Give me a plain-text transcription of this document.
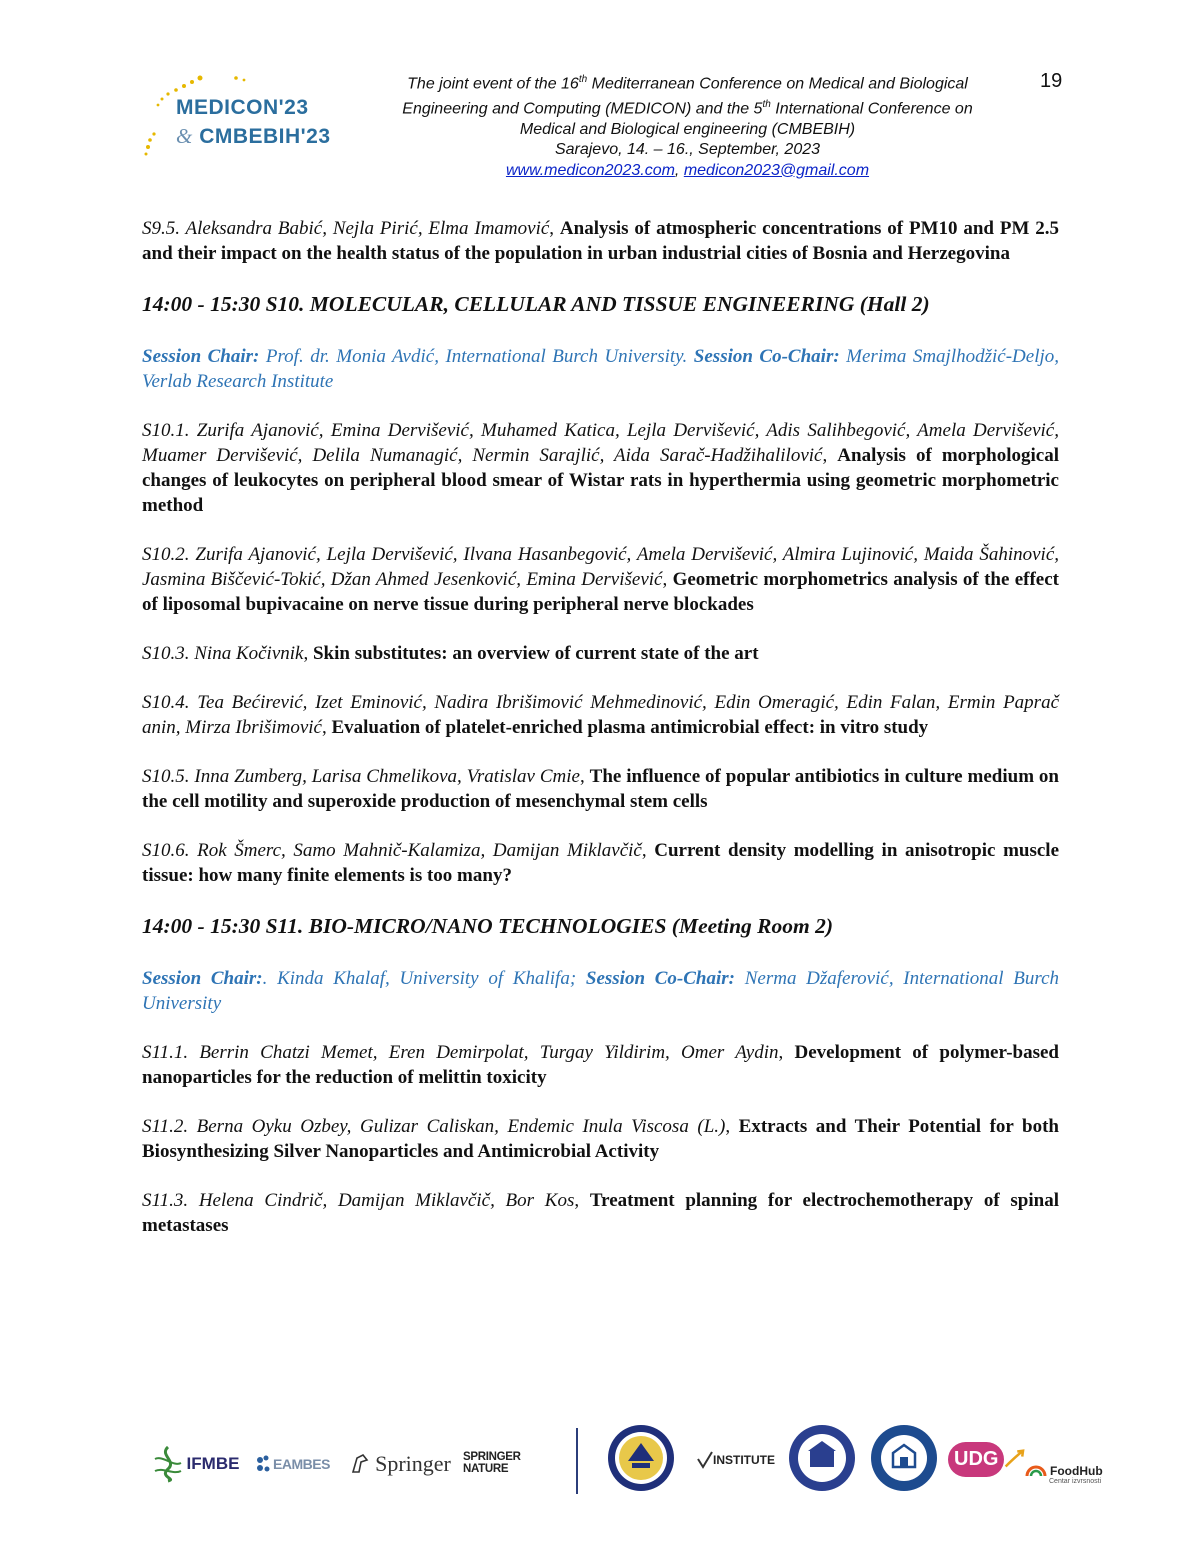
MEDICON'23
& CMBEBIH'23
The joint event of the 16th Mediterranean Conference on Medical and Biological
Engineering and Computing (MEDICON) and the 5th International Conference on
Medical and Biological engineering (CMBEBIH)
Sarajevo, 14. – 16., September, 2023
www.medicon2023.com, medicon2023@gmail.com
19

S9.5. Aleksandra Babić, Nejla Pirić, Elma Imamović, Analysis of atmospheric concentrations of PM10 and PM 2.5 and their impact on the health status of the population in urban industrial cities of Bosnia and Herzegovina

14:00 - 15:30 S10. MOLECULAR, CELLULAR AND TISSUE ENGINEERING (Hall 2)

Session Chair: Prof. dr. Monia Avdić, International Burch University. Session Co-Chair: Merima Smajlhodžić-Deljo, Verlab Research Institute

S10.1. Zurifa Ajanović, Emina Dervišević, Muhamed Katica, Lejla Dervišević, Adis Salihbegović, Amela Dervišević, Muamer Dervišević, Delila Numanagić, Nermin Sarajlić, Aida Sarač-Hadžihalilović, Analysis of morphological changes of leukocytes on peripheral blood smear of Wistar rats in hyperthermia using geometric morphometric method

S10.2. Zurifa Ajanović, Lejla Dervišević, Ilvana Hasanbegović, Amela Dervišević, Almira Lujinović, Maida Šahinović, Jasmina Biščević-Tokić, Džan Ahmed Jesenković, Emina Dervišević, Geometric morphometrics analysis of the effect of liposomal bupivacaine on nerve tissue during peripheral nerve blockades

S10.3. Nina Kočivnik, Skin substitutes: an overview of current state of the art

S10.4. Tea Bećirević, Izet Eminović, Nadira Ibrišimović Mehmedinović, Edin Omeragić, Edin Falan, Ermin Paprač anin, Mirza Ibrišimović, Evaluation of platelet-enriched plasma antimicrobial effect: in vitro study

S10.5. Inna Zumberg, Larisa Chmelikova, Vratislav Cmie, The influence of popular antibiotics in culture medium on the cell motility and superoxide production of mesenchymal stem cells

S10.6. Rok Šmerc, Samo Mahnič-Kalamiza, Damijan Miklavčič, Current density modelling in anisotropic muscle tissue: how many finite elements is too many?

14:00 - 15:30 S11. BIO-MICRO/NANO TECHNOLOGIES (Meeting Room 2)

Session Chair:. Kinda Khalaf, University of Khalifa; Session Co-Chair: Nerma Džaferović, International Burch University

S11.1. Berrin Chatzi Memet, Eren Demirpolat, Turgay Yildirim, Omer Aydin, Development of polymer-based nanoparticles for the reduction of melittin toxicity

S11.2. Berna Oyku Ozbey, Gulizar Caliskan, Endemic Inula Viscosa (L.), Extracts and Their Potential for both Biosynthesizing Silver Nanoparticles and Antimicrobial Activity

S11.3. Helena Cindrič, Damijan Miklavčič, Bor Kos, Treatment planning for electrochemotherapy of spinal metastases

IFMBE EAMBES Springer SPRINGER NATURE
INSTITUTE	UDG
FoodHub
Centar izvrsnosti
